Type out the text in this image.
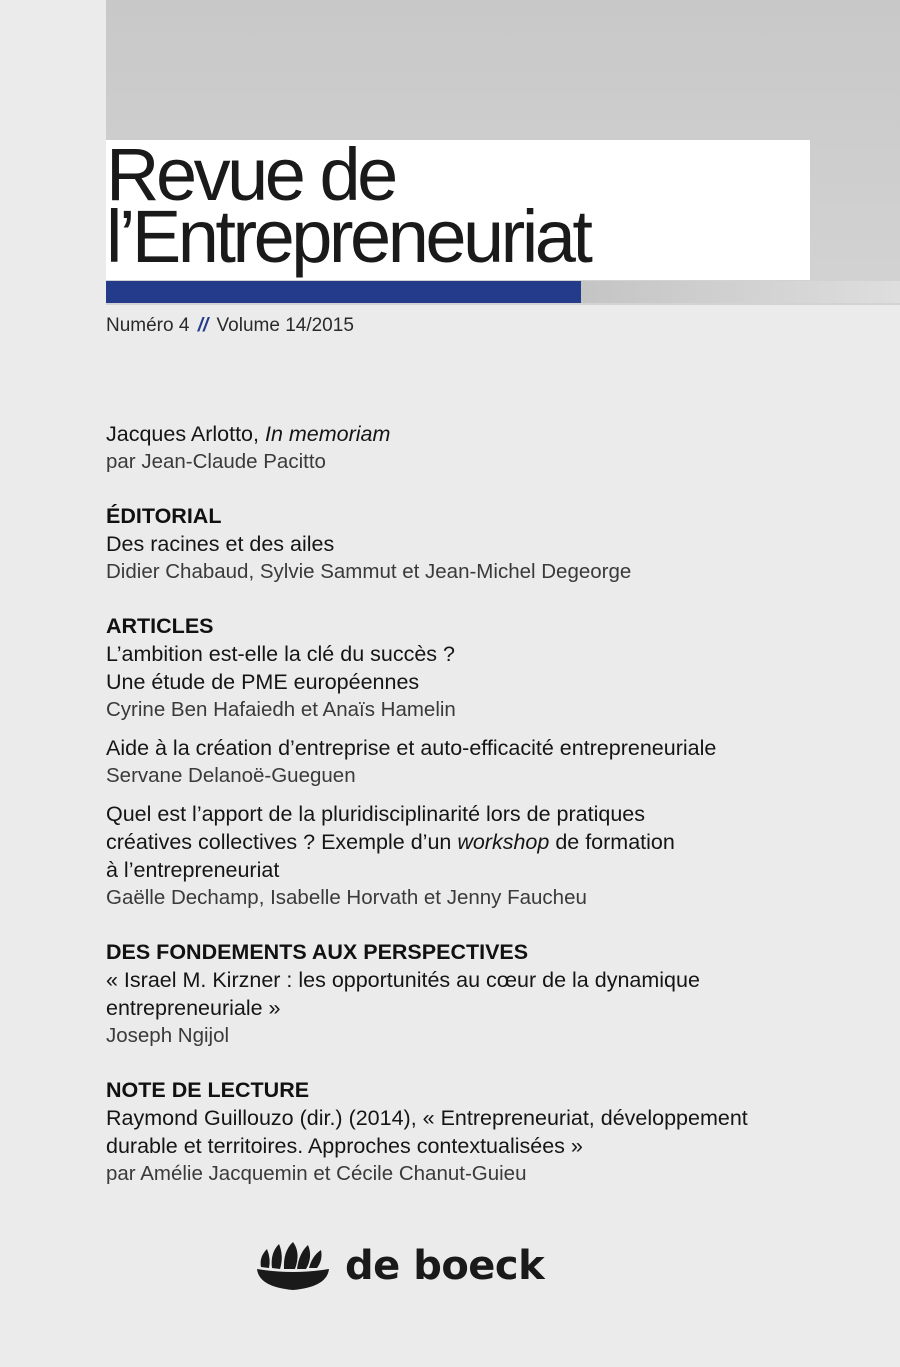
Revue de
l’Entrepreneuriat
Numéro 4 // Volume 14/2015
Jacques Arlotto, In memoriam
par Jean-Claude Pacitto
ÉDITORIAL
Des racines et des ailes
Didier Chabaud, Sylvie Sammut et Jean-Michel Degeorge
ARTICLES
L’ambition est-elle la clé du succès ?
Une étude de PME européennes
Cyrine Ben Hafaiedh et Anaïs Hamelin
Aide à la création d’entreprise et auto-efficacité entrepreneuriale
Servane Delanoë-Gueguen
Quel est l’apport de la pluridisciplinarité lors de pratiques
créatives collectives ? Exemple d’un workshop de formation
à l’entrepreneuriat
Gaëlle Dechamp, Isabelle Horvath et Jenny Faucheu
DES FONDEMENTS AUX PERSPECTIVES
« Israel M. Kirzner : les opportunités au cœur de la dynamique
entrepreneuriale »
Joseph Ngijol
NOTE DE LECTURE
Raymond Guillouzo (dir.) (2014), « Entrepreneuriat, développement
durable et territoires. Approches contextualisées »
par Amélie Jacquemin et Cécile Chanut-Guieu
de boeck
